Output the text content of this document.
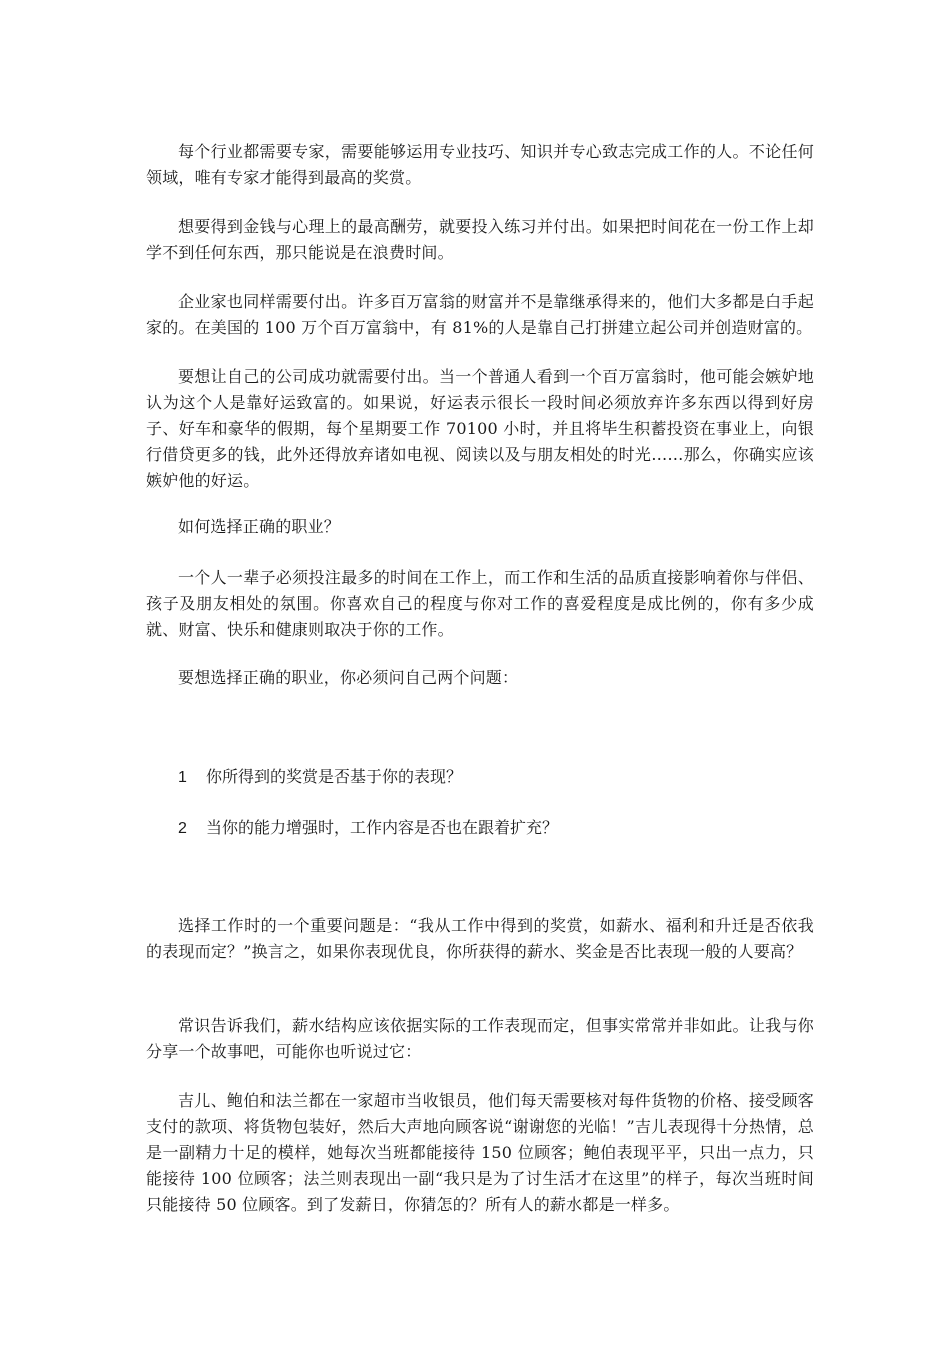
每个行业都需要专家，需要能够运用专业技巧、知识并专心致志完成工作的人。不论任何领域，唯有专家才能得到最高的奖赏。

想要得到金钱与心理上的最高酬劳，就要投入练习并付出。如果把时间花在一份工作上却学不到任何东西，那只能说是在浪费时间。

企业家也同样需要付出。许多百万富翁的财富并不是靠继承得来的，他们大多都是白手起家的。在美国的 100 万个百万富翁中，有 81%的人是靠自己打拼建立起公司并创造财富的。

要想让自己的公司成功就需要付出。当一个普通人看到一个百万富翁时，他可能会嫉妒地认为这个人是靠好运致富的。如果说，好运表示很长一段时间必须放弃许多东西以得到好房子、好车和豪华的假期，每个星期要工作 70100 小时，并且将毕生积蓄投资在事业上，向银行借贷更多的钱，此外还得放弃诸如电视、阅读以及与朋友相处的时光……那么，你确实应该嫉妒他的好运。

如何选择正确的职业？

一个人一辈子必须投注最多的时间在工作上，而工作和生活的品质直接影响着你与伴侣、孩子及朋友相处的氛围。你喜欢自己的程度与你对工作的喜爱程度是成比例的，你有多少成就、财富、快乐和健康则取决于你的工作。

要想选择正确的职业，你必须问自己两个问题：

1 你所得到的奖赏是否基于你的表现？
2 当你的能力增强时，工作内容是否也在跟着扩充？

选择工作时的一个重要问题是：“我从工作中得到的奖赏，如薪水、福利和升迁是否依我的表现而定？”换言之，如果你表现优良，你所获得的薪水、奖金是否比表现一般的人要高？

常识告诉我们，薪水结构应该依据实际的工作表现而定，但事实常常并非如此。让我与你分享一个故事吧，可能你也听说过它：

吉儿、鲍伯和法兰都在一家超市当收银员，他们每天需要核对每件货物的价格、接受顾客支付的款项、将货物包装好，然后大声地向顾客说“谢谢您的光临！”吉儿表现得十分热情，总是一副精力十足的模样，她每次当班都能接待 150 位顾客；鲍伯表现平平，只出一点力，只能接待 100 位顾客；法兰则表现出一副“我只是为了讨生活才在这里”的样子，每次当班时间只能接待 50 位顾客。到了发薪日，你猜怎的？所有人的薪水都是一样多。
